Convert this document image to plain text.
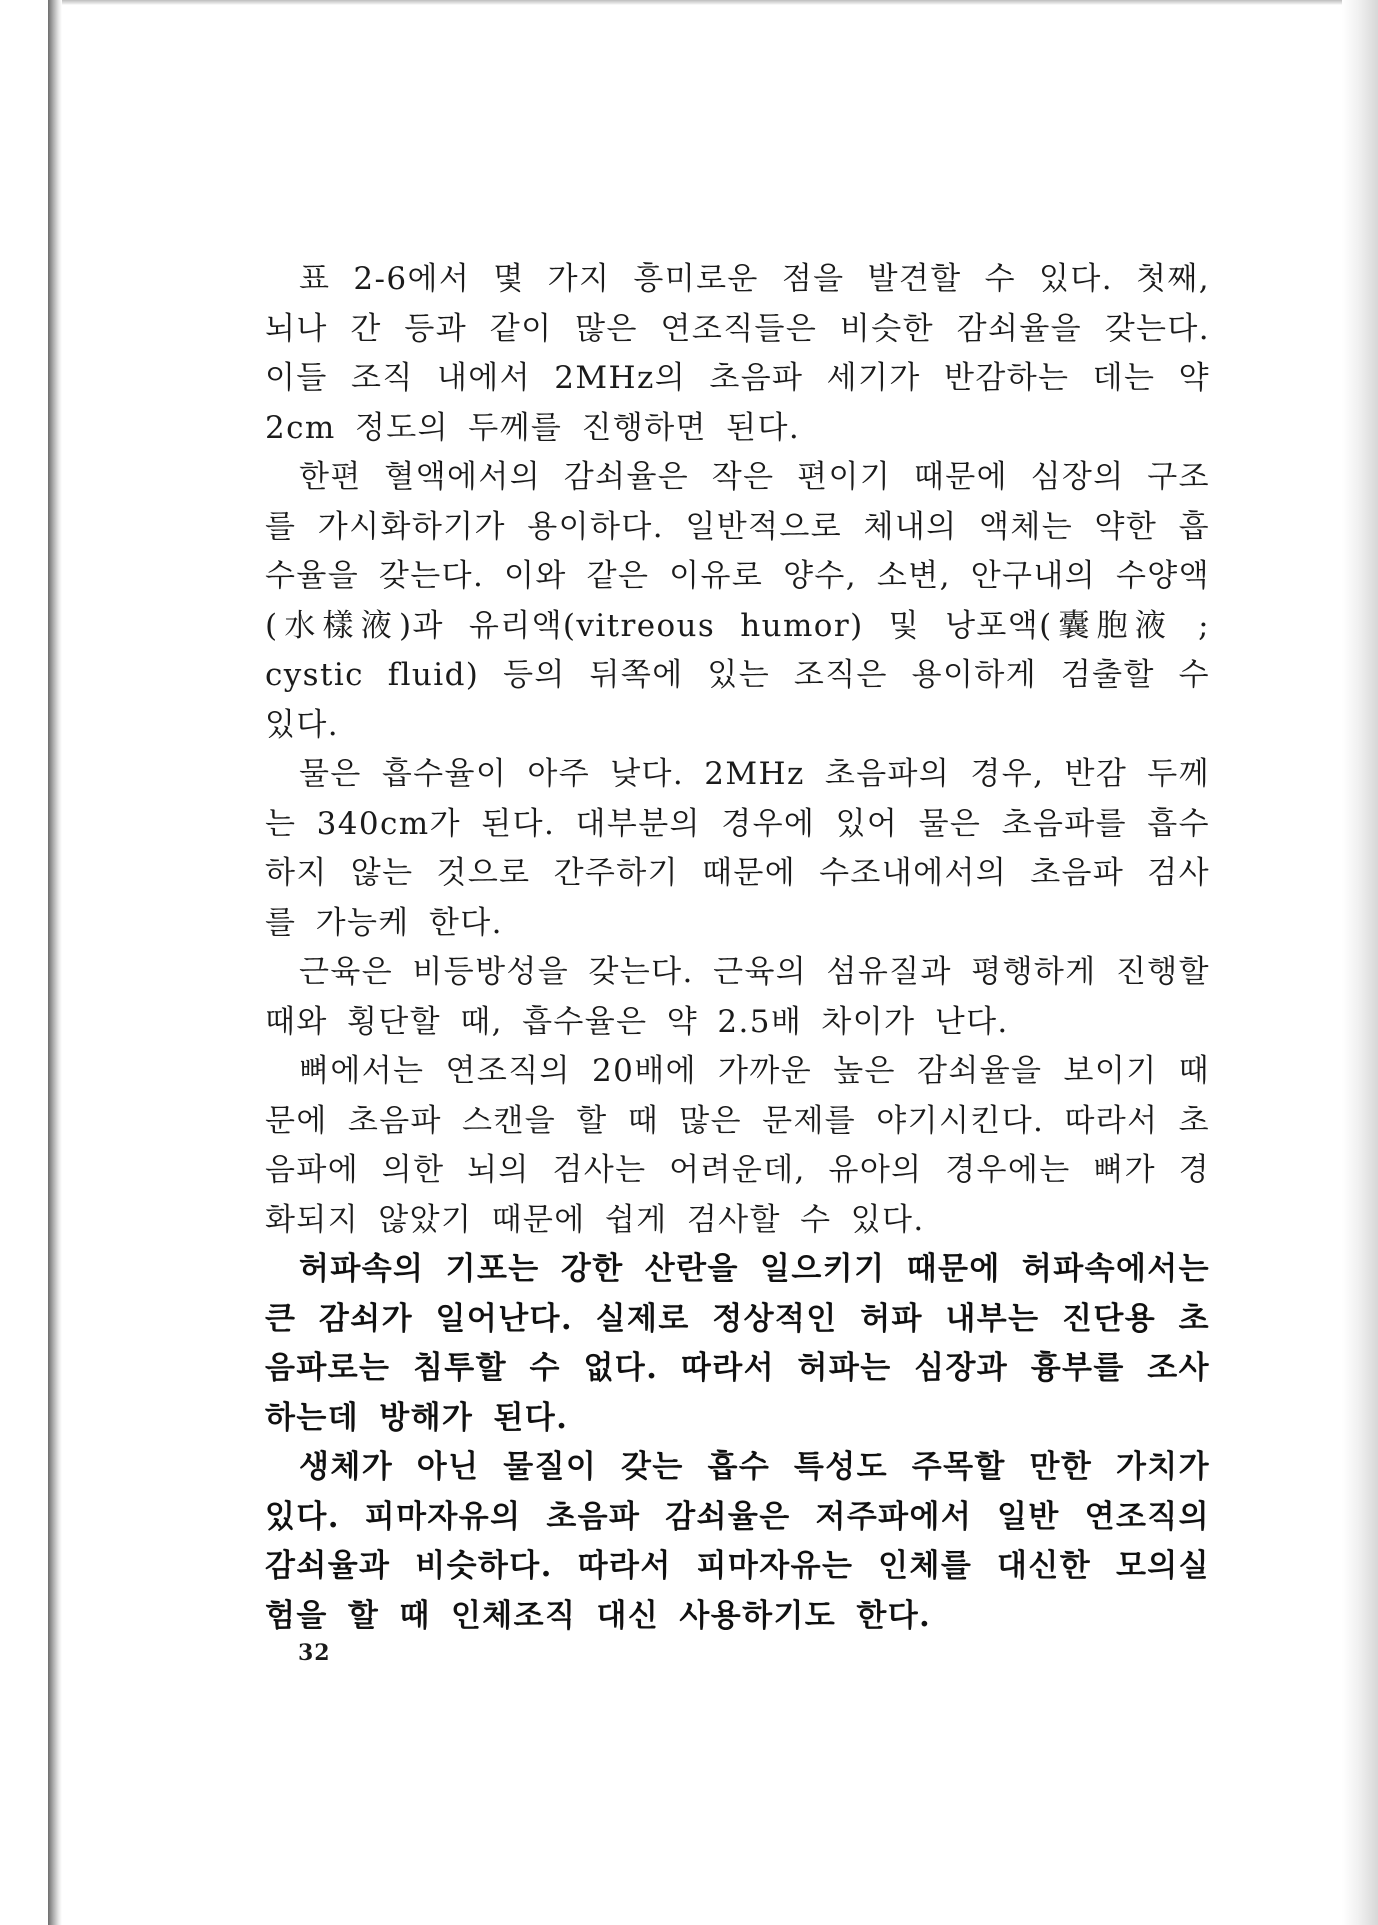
표 2-6에서 몇 가지 흥미로운 점을 발견할 수 있다. 첫째, 뇌나 간 등과 같이 많은 연조직들은 비슷한 감쇠율을 갖는다. 이들 조직 내에서 2MHz의 초음파 세기가 반감하는 데는 약 2cm 정도의 두께를 진행하면 된다.

한편 혈액에서의 감쇠율은 작은 편이기 때문에 심장의 구조를 가시화하기가 용이하다. 일반적으로 체내의 액체는 약한 흡수율을 갖는다. 이와 같은 이유로 양수, 소변, 안구내의 수양액(水樣液)과 유리액(vitreous humor) 및 낭포액(囊胞液 ; cystic fluid) 등의 뒤쪽에 있는 조직은 용이하게 검출할 수 있다.

물은 흡수율이 아주 낮다. 2MHz 초음파의 경우, 반감 두께는 340cm가 된다. 대부분의 경우에 있어 물은 초음파를 흡수하지 않는 것으로 간주하기 때문에 수조내에서의 초음파 검사를 가능케 한다.

근육은 비등방성을 갖는다. 근육의 섬유질과 평행하게 진행할 때와 횡단할 때, 흡수율은 약 2.5배 차이가 난다.

뼈에서는 연조직의 20배에 가까운 높은 감쇠율을 보이기 때문에 초음파 스캔을 할 때 많은 문제를 야기시킨다. 따라서 초음파에 의한 뇌의 검사는 어려운데, 유아의 경우에는 뼈가 경화되지 않았기 때문에 쉽게 검사할 수 있다.

허파속의 기포는 강한 산란을 일으키기 때문에 허파속에서는 큰 감쇠가 일어난다. 실제로 정상적인 허파 내부는 진단용 초음파로는 침투할 수 없다. 따라서 허파는 심장과 흉부를 조사하는데 방해가 된다.

생체가 아닌 물질이 갖는 흡수 특성도 주목할 만한 가치가 있다. 피마자유의 초음파 감쇠율은 저주파에서 일반 연조직의 감쇠율과 비슷하다. 따라서 피마자유는 인체를 대신한 모의실험을 할 때 인체조직 대신 사용하기도 한다.

32
